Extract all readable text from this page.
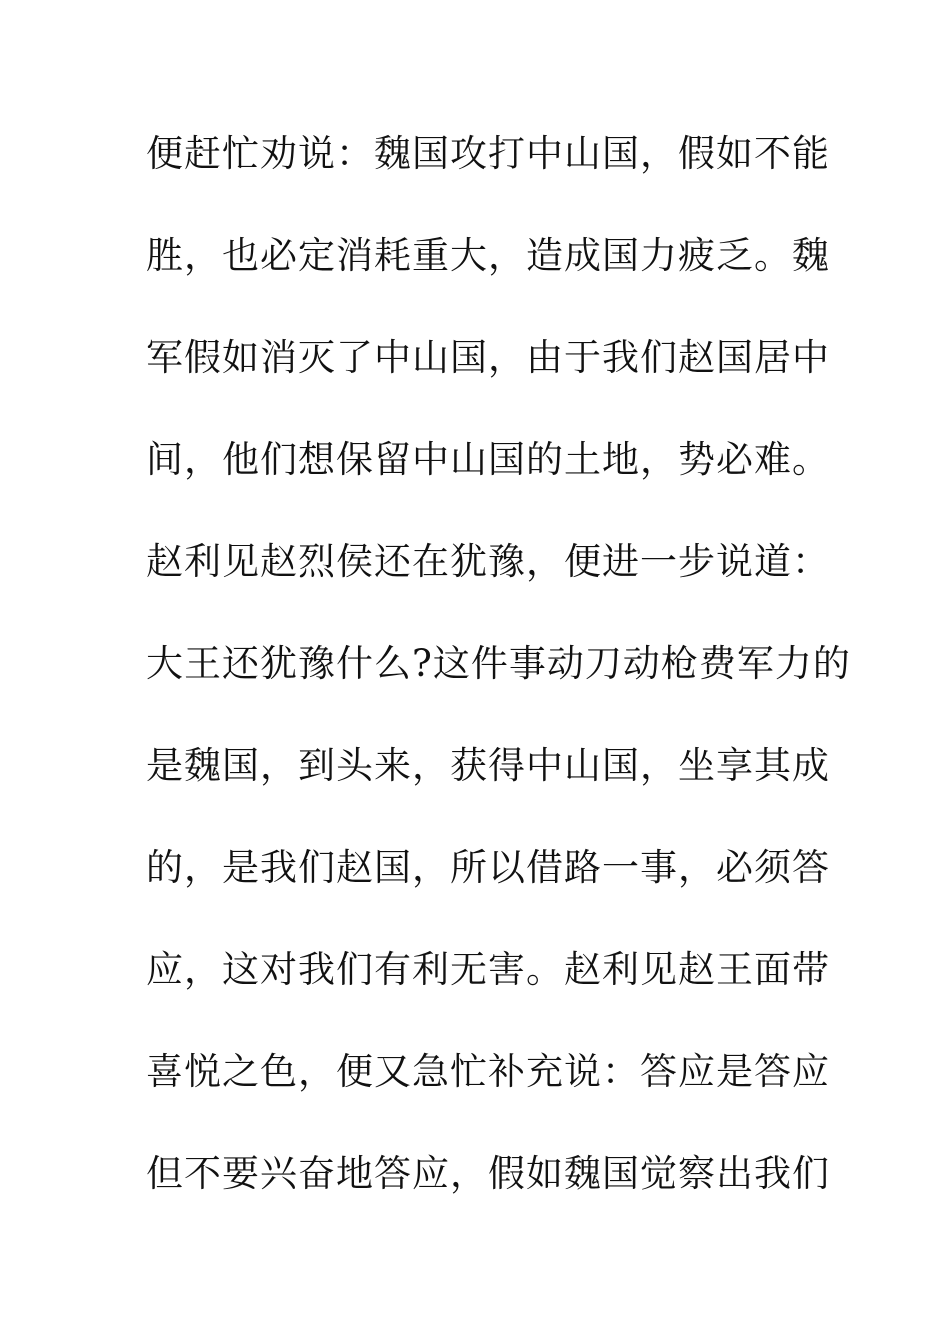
便赶忙劝说：魏国攻打中山国，假如不能
胜，也必定消耗重大，造成国力疲乏。魏
军假如消灭了中山国，由于我们赵国居中
间，他们想保留中山国的土地，势必难。
赵利见赵烈侯还在犹豫，便进一步说道：
大王还犹豫什么?这件事动刀动枪费军力的
是魏国，到头来，获得中山国，坐享其成
的，是我们赵国，所以借路一事，必须答
应，这对我们有利无害。赵利见赵王面带
喜悦之色，便又急忙补充说：答应是答应
但不要兴奋地答应，假如魏国觉察出我们
